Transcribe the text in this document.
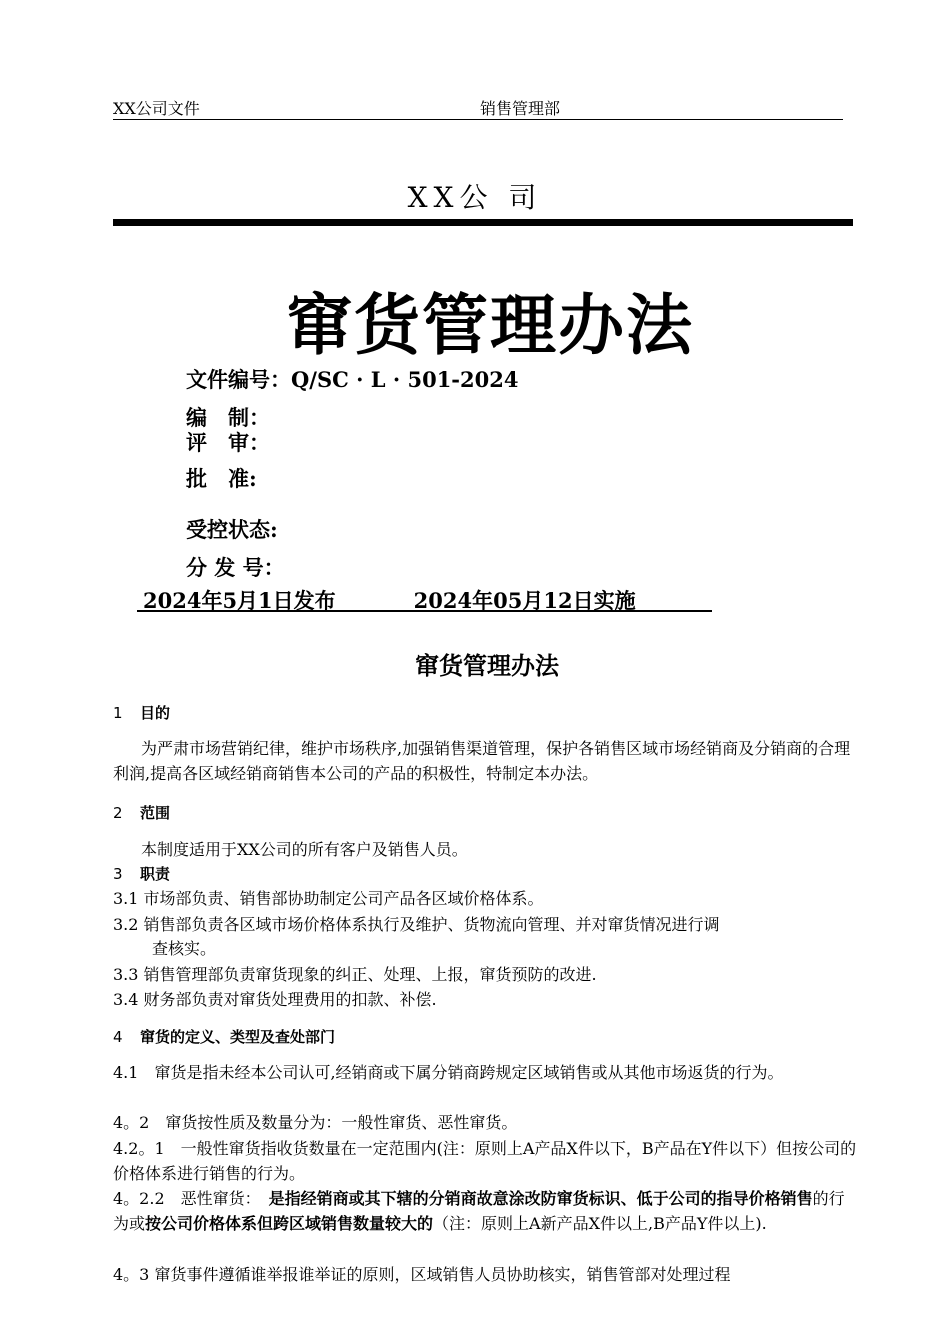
XX公司文件	销售管理部
XX公 司
窜货管理办法
文件编号：Q/SC · L · 501-2024
编　制：
评　审：
批　准:
受控状态:
分 发 号：
2024年5月1日发布	2024年05月12日实施
窜货管理办法
1 目的
为严肃市场营销纪律，维护市场秩序,加强销售渠道管理，保护各销售区域市场经销商及分销商的合理利润,提高各区域经销商销售本公司的产品的积极性，特制定本办法。
2 范围
本制度适用于XX公司的所有客户及销售人员。
3 职责
3.1 市场部负责、销售部协助制定公司产品各区域价格体系。
3.2 销售部负责各区域市场价格体系执行及维护、货物流向管理、并对窜货情况进行调
查核实。
3.3 销售管理部负责窜货现象的纠正、处理、上报，窜货预防的改进.
3.4 财务部负责对窜货处理费用的扣款、补偿.
4 窜货的定义、类型及查处部门
4.1　窜货是指未经本公司认可,经销商或下属分销商跨规定区域销售或从其他市场返货的行为。
4。2　窜货按性质及数量分为：一般性窜货、恶性窜货。
4.2。1　一般性窜货指收货数量在一定范围内(注：原则上A产品X件以下，B产品在Y件以下）但按公司的价格体系进行销售的行为。
4。2.2　恶性窜货：　是指经销商或其下辖的分销商故意涂改防窜货标识、低于公司的指导价格销售的行为或按公司价格体系但跨区域销售数量较大的（注：原则上A新产品X件以上,B产品Y件以上).
4。3 窜货事件遵循谁举报谁举证的原则，区域销售人员协助核实，销售管部对处理过程
